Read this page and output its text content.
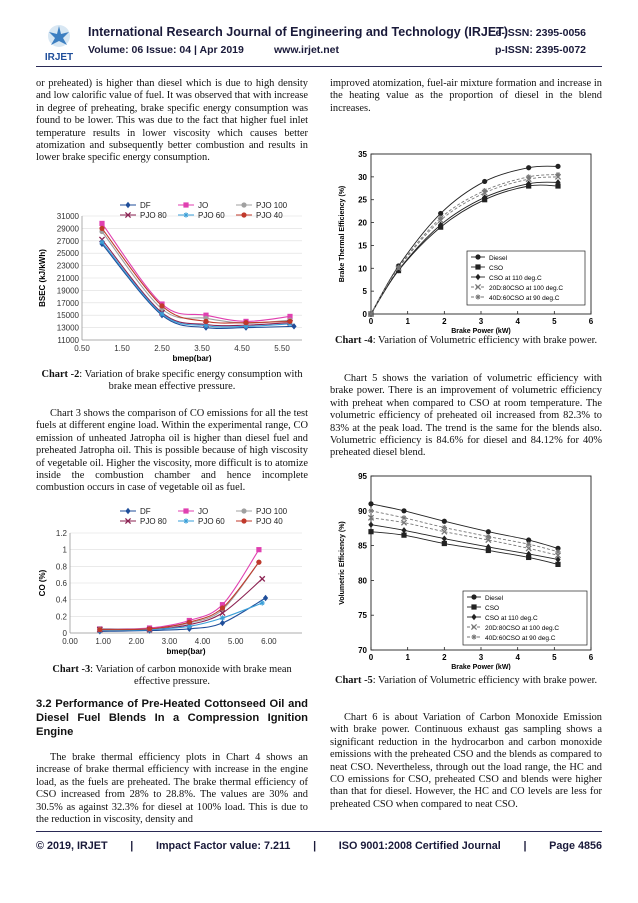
IRJET
International Research Journal of Engineering and Technology (IRJET)
e-ISSN: 2395-0056
Volume: 06 Issue: 04 | Apr 2019	www.irjet.net	p-ISSN: 2395-0072
or preheated) is higher than diesel which is due to high density and low calorific value of fuel. It was observed that with increase in degree of preheating, brake specific energy consumption was found to be lower. This was due to the fact that higher fuel inlet temperature results in lower viscosity which causes better atomization and subsequently better combustion and results in lower brake specific energy consumption.
11000
13000
15000
17000
19000
21000
23000
25000
27000
29000
31000
0.50	1.50	2.50	3.50	4.50	5.50
bmep(bar)
BSEC (kJ/kWh)
DF	JO	PJO 100
PJO 80	PJO 60	PJO 40
Chart -2: Variation of brake specific energy consumption with brake mean effective pressure.
Chart 3 shows the comparison of CO emissions for all the test fuels at different engine load. Within the experimental range, CO emission of unheated Jatropha oil is higher than diesel fuel and preheated Jatropha oil. This is possible because of high viscosity of vegetable oil. Higher the viscosity, more difficult is to atomize inside the combustion chamber and hence incomplete combustion occurs in case of vegetable oil as fuel.
0
0.2
0.4
0.6
0.8
1
1.2
0.00 1.00 2.00 3.00 4.00 5.00 6.00
bmep(bar)
CO (%)
DF	JO	PJO 100
PJO 80	PJO 60	PJO 40
Chart -3: Variation of carbon monoxide with brake mean effective pressure.
3.2 Performance of Pre-Heated Cottonseed Oil and Diesel Fuel Blends In a Compression Ignition Engine
The brake thermal efficiency plots in Chart 4 shows an increase of brake thermal efficiency with increase in the engine load, as the fuels are preheated. The brake thermal efficiency of CSO increased from 28% to 28.8%. The values are 30% and 30.5% as against 32.3% for diesel at 100% load. This is due to the reduction in viscosity, density and
improved atomization, fuel-air mixture formation and increase in the heating value as the proportion of diesel in the blend increases.
0
5
10
15
20
25
30
35
0	1	2	3	4	5	6
Brake Power (kW)
Brake Thermal Efficiency (%)	Diesel
CSO
CSO at 110 deg.C
20D:80CSO at 100 deg.C
40D:60CSO at 90 deg.C
Chart -4: Variation of Volumetric efficiency with brake power.
Chart 5 shows the variation of volumetric efficiency with brake power. There is an improvement of volumetric efficiency with preheat when compared to CSO at room temperature. The volumetric efficiency of preheated oil increased from 82.3% to 83% at the peak load. The trend is the same for the blends also. Volumetric efficiency is 84.6% for diesel and 84.12% for 40% preheated diesel blend.
70
75
80
85
90
95
0	1	2	3	4	5	6
Brake Power (kW)
Volumetric Efficiency (%)	Diesel
CSO
CSO at 110 deg.C
20D:80CSO at 100 deg.C
40D:60CSO at 90 deg.C
Chart -5: Variation of Volumetric efficiency with brake power.
Chart 6 is about Variation of Carbon Monoxide Emission with brake power. Continuous exhaust gas sampling shows a significant reduction in the hydrocarbon and carbon monoxide emissions with the preheated CSO and the blends as compared to neat CSO. Nevertheless, through out the load range, the HC and CO emissions for CSO, preheated CSO and blends were higher than that for diesel. However, the HC and CO levels are less for preheated CSO when compared to neat CSO.
© 2019, IRJET | Impact Factor value: 7.211 | ISO 9001:2008 Certified Journal | Page 4856
